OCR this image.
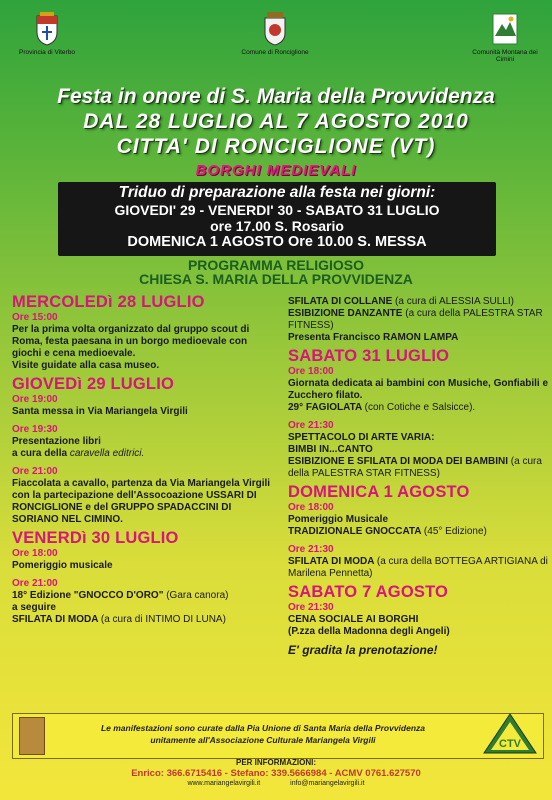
Provincia di Viterbo	Comune di Ronciglione	Comunità Montana dei Cimini
Festa in onore di S. Maria della Provvidenza
DAL 28 LUGLIO AL 7 AGOSTO 2010
CITTA' DI RONCIGLIONE (VT)
BORGHI MEDIEVALI
Triduo di preparazione alla festa nei giorni:
GIOVEDI' 29 - VENERDI' 30 - SABATO 31 LUGLIO
ore 17.00 S. Rosario
DOMENICA 1 AGOSTO Ore 10.00 S. MESSA
PROGRAMMA RELIGIOSO
CHIESA S. MARIA DELLA PROVVIDENZA
MERCOLEDì 28 LUGLIO
Ore 15:00
Per la prima volta organizzato dal gruppo scout di Roma, festa paesana in un borgo medioevale con
giochi e cena medioevale.
Visite guidate alla casa museo.
GIOVEDì 29 LUGLIO
Ore 19:00
Santa messa in Via Mariangela Virgili
Ore 19:30
Presentazione libri
a cura della caravella editrici.
Ore 21:00
Fiaccolata a cavallo, partenza da Via Mariangela Virgili con la partecipazione dell'Assocoazione USSARI DI RONCIGLIONE e del GRUPPO SPADACCINI DI SORIANO NEL CIMINO.
VENERDì 30 LUGLIO
Ore 18:00
Pomeriggio musicale
Ore 21:00
18° Edizione "GNOCCO D'ORO" (Gara canora)
a seguire
SFILATA DI MODA (a cura di INTIMO DI LUNA)
SFILATA DI COLLANE (a cura di ALESSIA SULLI)
ESIBIZIONE DANZANTE (a cura della PALESTRA STAR FITNESS)
Presenta Francisco RAMON LAMPA
SABATO 31 LUGLIO
Ore 18:00
Giornata dedicata ai bambini con Musiche, Gonfiabili e Zucchero filato.
29° FAGIOLATA (con Cotiche e Salsicce).
Ore 21:30
SPETTACOLO DI ARTE VARIA:
BIMBI IN...CANTO
ESIBIZIONE E SFILATA DI MODA DEI BAMBINI (a cura della PALESTRA STAR FITNESS)
DOMENICA 1 AGOSTO
Ore 18:00
Pomeriggio Musicale
TRADIZIONALE GNOCCATA (45° Edizione)
Ore 21:30
SFILATA DI MODA (a cura della BOTTEGA ARTIGIANA di Marilena Pennetta)
SABATO 7 AGOSTO
Ore 21:30
CENA SOCIALE AI BORGHI
(P.zza della Madonna degli Angeli)
E' gradita la prenotazione!
Le manifestazioni sono curate dalla Pia Unione di Santa Maria della Provvidenza
unitamente all'Associazione Culturale Mariangela Virgili	CTV
PER INFORMAZIONI:
Enrico: 366.6715416 - Stefano: 339.5666984 - ACMV 0761.627570
www.mariangelavirgili.it	info@mariangelavirgili.it
